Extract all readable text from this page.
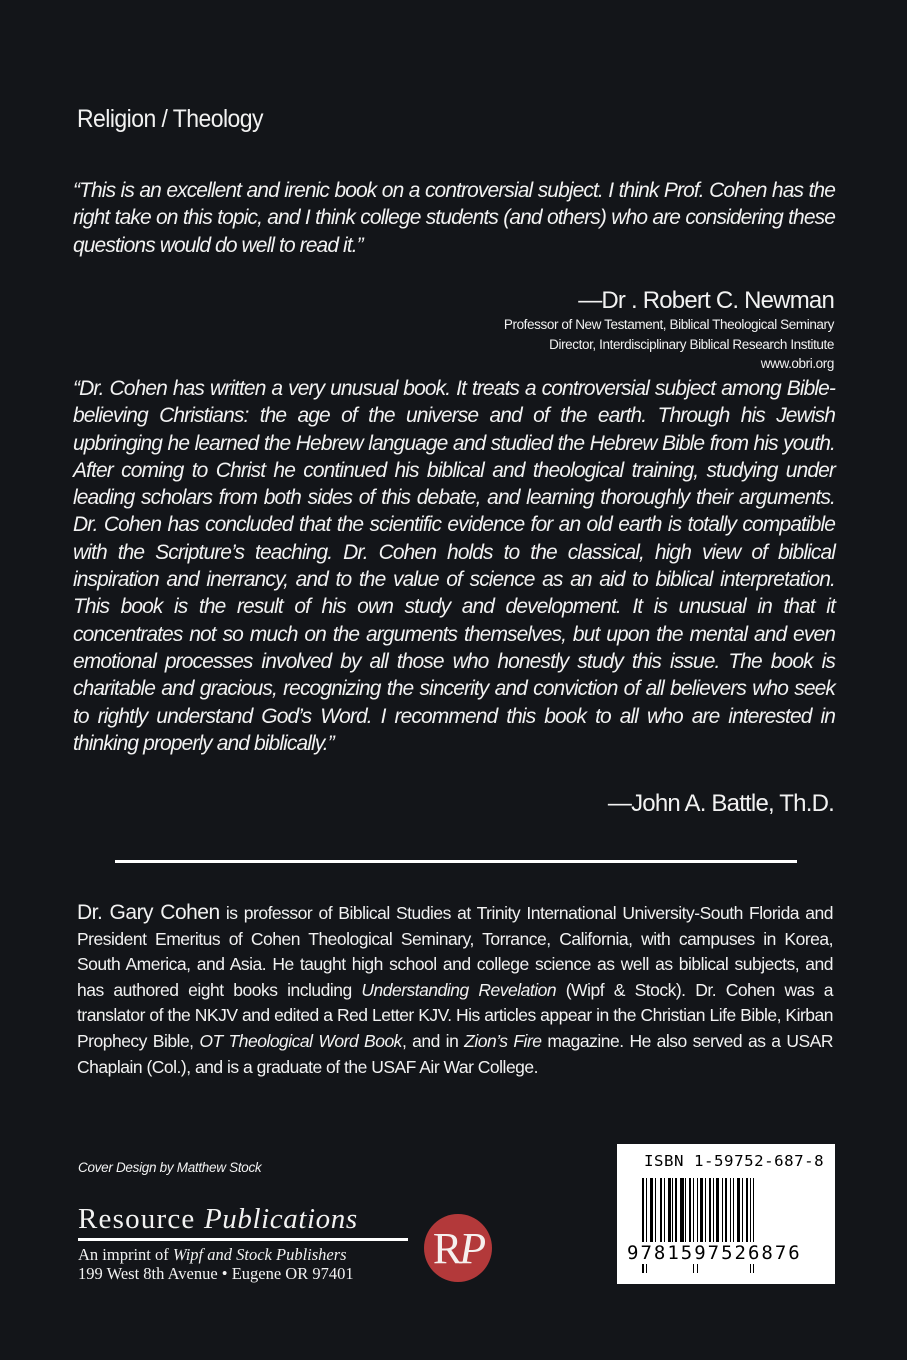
Religion / Theology

“This is an excellent and irenic book on a controversial subject. I think Prof. Cohen has the right take on this topic, and I think college students (and others) who are considering these questions would do well to read it.”

—Dr . Robert C. Newman
Professor of New Testament, Biblical Theological Seminary
Director, Interdisciplinary Biblical Research Institute
www.obri.org

“Dr. Cohen has written a very unusual book. It treats a controversial subject among Bible-believing Christians: the age of the universe and of the earth. Through his Jewish upbringing he learned the Hebrew language and studied the Hebrew Bible from his youth. After coming to Christ he continued his biblical and theological training, studying under leading scholars from both sides of this debate, and learning thoroughly their arguments. Dr. Cohen has concluded that the scientific evidence for an old earth is totally compatible with the Scripture’s teaching. Dr. Cohen holds to the classical, high view of biblical inspiration and inerrancy, and to the value of science as an aid to biblical interpretation. This book is the result of his own study and development. It is unusual in that it concentrates not so much on the arguments themselves, but upon the mental and even emotional processes involved by all those who honestly study this issue. The book is charitable and gracious, recognizing the sincerity and conviction of all believers who seek to rightly understand God’s Word. I recommend this book to all who are interested in thinking properly and biblically.”

—John A. Battle, Th.D.

Dr. Gary Cohen is professor of Biblical Studies at Trinity International University-South Florida and President Emeritus of Cohen Theological Seminary, Torrance, California, with campuses in Korea, South America, and Asia. He taught high school and college science as well as biblical subjects, and has authored eight books including Understanding Revelation (Wipf & Stock). Dr. Cohen was a translator of the NKJV and edited a Red Letter KJV. His articles appear in the Christian Life Bible, Kirban Prophecy Bible, OT Theological Word Book, and in Zion’s Fire magazine. He also served as a USAR Chaplain (Col.), and is a graduate of the USAF Air War College.

Cover Design by Matthew Stock
Resource Publications
An imprint of Wipf and Stock Publishers
199 West 8th Avenue • Eugene OR 97401
R P
ISBN 1-59752-687-8
9781597526876
